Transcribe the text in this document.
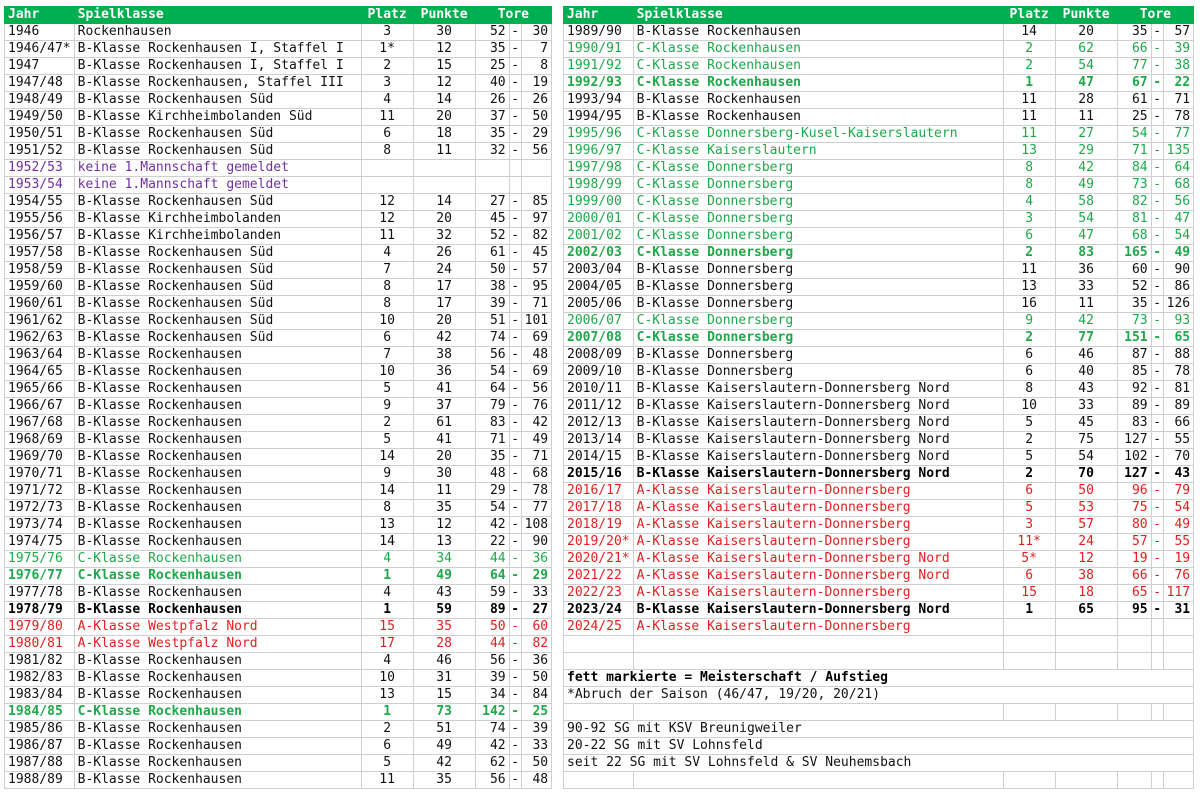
Jahr	Spielklasse	Platz	Punkte	Tore		
1946	Rockenhausen	3	30	52	-	30
1946/47*	B-Klasse Rockenhausen I, Staffel I	1*	12	35	-	7
1947	B-Klasse Rockenhausen I, Staffel I	2	15	25	-	8
1947/48	B-Klasse Rockenhausen, Staffel III	3	12	40	-	19
1948/49	B-Klasse Rockenhausen Süd	4	14	26	-	26
1949/50	B-Klasse Kirchheimbolanden Süd	11	20	37	-	50
1950/51	B-Klasse Rockenhausen Süd	6	18	35	-	29
1951/52	B-Klasse Rockenhausen Süd	8	11	32	-	56
1952/53	keine 1.Mannschaft gemeldet					
1953/54	keine 1.Mannschaft gemeldet					
1954/55	B-Klasse Rockenhausen Süd	12	14	27	-	85
1955/56	B-Klasse Kirchheimbolanden	12	20	45	-	97
1956/57	B-Klasse Kirchheimbolanden	11	32	52	-	82
1957/58	B-Klasse Rockenhausen Süd	4	26	61	-	45
1958/59	B-Klasse Rockenhausen Süd	7	24	50	-	57
1959/60	B-Klasse Rockenhausen Süd	8	17	38	-	95
1960/61	B-Klasse Rockenhausen Süd	8	17	39	-	71
1961/62	B-Klasse Rockenhausen Süd	10	20	51	-	101
1962/63	B-Klasse Rockenhausen Süd	6	42	74	-	69
1963/64	B-Klasse Rockenhausen	7	38	56	-	48
1964/65	B-Klasse Rockenhausen	10	36	54	-	69
1965/66	B-Klasse Rockenhausen	5	41	64	-	56
1966/67	B-Klasse Rockenhausen	9	37	79	-	76
1967/68	B-Klasse Rockenhausen	2	61	83	-	42
1968/69	B-Klasse Rockenhausen	5	41	71	-	49
1969/70	B-Klasse Rockenhausen	14	20	35	-	71
1970/71	B-Klasse Rockenhausen	9	30	48	-	68
1971/72	B-Klasse Rockenhausen	14	11	29	-	78
1972/73	B-Klasse Rockenhausen	8	35	54	-	77
1973/74	B-Klasse Rockenhausen	13	12	42	-	108
1974/75	B-Klasse Rockenhausen	14	13	22	-	90
1975/76	C-Klasse Rockenhausen	4	34	44	-	36
1976/77	C-Klasse Rockenhausen	1	49	64	-	29
1977/78	B-Klasse Rockenhausen	4	43	59	-	33
1978/79	B-Klasse Rockenhausen	1	59	89	-	27
1979/80	A-Klasse Westpfalz Nord	15	35	50	-	60
1980/81	A-Klasse Westpfalz Nord	17	28	44	-	82
1981/82	B-Klasse Rockenhausen	4	46	56	-	36
1982/83	B-Klasse Rockenhausen	10	31	39	-	50
1983/84	B-Klasse Rockenhausen	13	15	34	-	84
1984/85	C-Klasse Rockenhausen	1	73	142	-	25
1985/86	B-Klasse Rockenhausen	2	51	74	-	39
1986/87	B-Klasse Rockenhausen	6	49	42	-	33
1987/88	B-Klasse Rockenhausen	5	42	62	-	50
1988/89	B-Klasse Rockenhausen	11	35	56	-	48
Jahr	Spielklasse	Platz	Punkte	Tore		
1989/90	B-Klasse Rockenhausen	14	20	35	-	57
1990/91	C-Klasse Rockenhausen	2	62	66	-	39
1991/92	C-Klasse Rockenhausen	2	54	77	-	38
1992/93	C-Klasse Rockenhausen	1	47	67	-	22
1993/94	B-Klasse Rockenhausen	11	28	61	-	71
1994/95	B-Klasse Rockenhausen	11	11	25	-	78
1995/96	C-Klasse Donnersberg-Kusel-Kaiserslautern	11	27	54	-	77
1996/97	C-Klasse Kaiserslautern	13	29	71	-	135
1997/98	C-Klasse Donnersberg	8	42	84	-	64
1998/99	C-Klasse Donnersberg	8	49	73	-	68
1999/00	C-Klasse Donnersberg	4	58	82	-	56
2000/01	C-Klasse Donnersberg	3	54	81	-	47
2001/02	C-Klasse Donnersberg	6	47	68	-	54
2002/03	C-Klasse Donnersberg	2	83	165	-	49
2003/04	B-Klasse Donnersberg	11	36	60	-	90
2004/05	B-Klasse Donnersberg	13	33	52	-	86
2005/06	B-Klasse Donnersberg	16	11	35	-	126
2006/07	C-Klasse Donnersberg	9	42	73	-	93
2007/08	C-Klasse Donnersberg	2	77	151	-	65
2008/09	B-Klasse Donnersberg	6	46	87	-	88
2009/10	B-Klasse Donnersberg	6	40	85	-	78
2010/11	B-Klasse Kaiserslautern-Donnersberg Nord	8	43	92	-	81
2011/12	B-Klasse Kaiserslautern-Donnersberg Nord	10	33	89	-	89
2012/13	B-Klasse Kaiserslautern-Donnersberg Nord	5	45	83	-	66
2013/14	B-Klasse Kaiserslautern-Donnersberg Nord	2	75	127	-	55
2014/15	B-Klasse Kaiserslautern-Donnersberg Nord	5	54	102	-	70
2015/16	B-Klasse Kaiserslautern-Donnersberg Nord	2	70	127	-	43
2016/17	A-Klasse Kaiserslautern-Donnersberg	6	50	96	-	79
2017/18	A-Klasse Kaiserslautern-Donnersberg	5	53	75	-	54
2018/19	A-Klasse Kaiserslautern-Donnersberg	3	57	80	-	49
2019/20*	A-Klasse Kaiserslautern-Donnersberg	11*	24	57	-	55
2020/21*	A-Klasse Kaiserslautern-Donnersberg Nord	5*	12	19	-	19
2021/22	A-Klasse Kaiserslautern-Donnersberg Nord	6	38	66	-	76
2022/23	A-Klasse Kaiserslautern-Donnersberg	15	18	65	-	117
2023/24	B-Klasse Kaiserslautern-Donnersberg Nord	1	65	95	-	31
2024/25	A-Klasse Kaiserslautern-Donnersberg					

fett markierte = Meisterschaft / Aufstieg						
*Abruch der Saison (46/47, 19/20, 20/21)						

90-92 SG mit KSV Breunigweiler						
20-22 SG mit SV Lohnsfeld						
seit 22 SG mit SV Lohnsfeld & SV Neuhemsbach						
